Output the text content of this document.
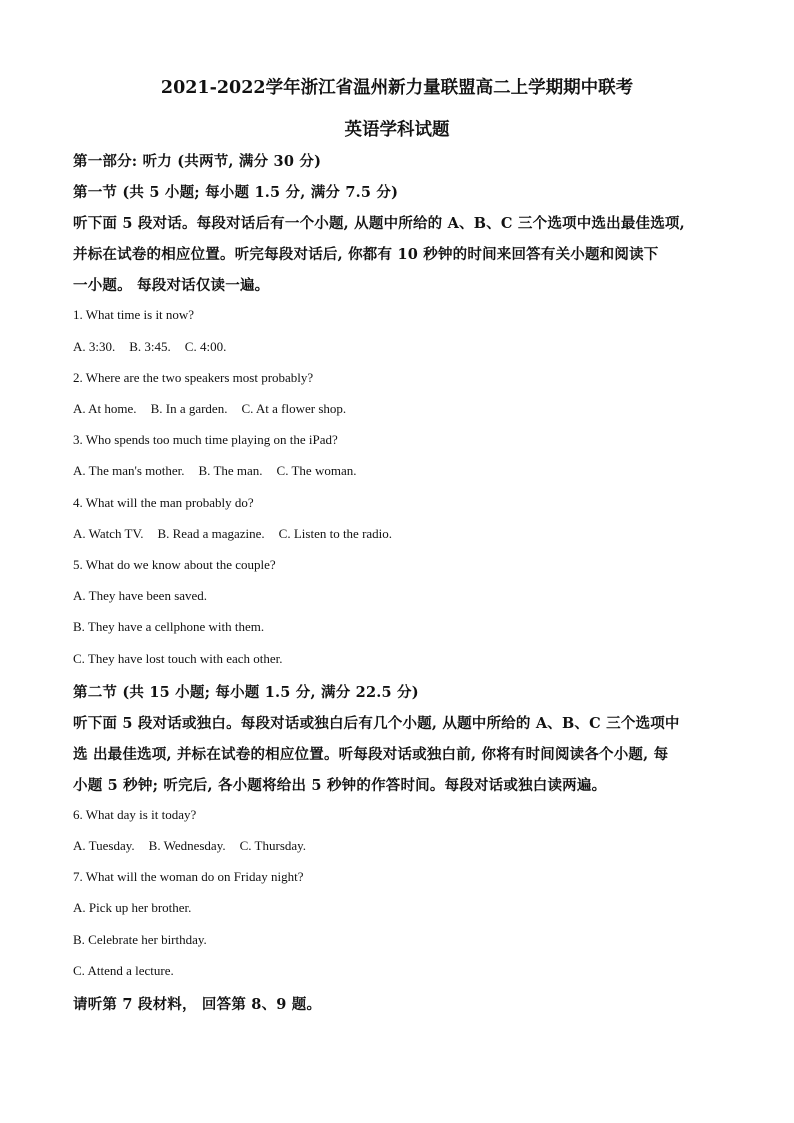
2021-2022学年浙江省温州新力量联盟高二上学期期中联考
英语学科试题
第一部分: 听力 (共两节, 满分 30 分)
第一节 (共 5 小题; 每小题 1.5 分, 满分 7.5 分)
听下面 5 段对话。每段对话后有一个小题, 从题中所给的 A、B、C 三个选项中选出最佳选项,
并标在试卷的相应位置。听完每段对话后, 你都有 10 秒钟的时间来回答有关小题和阅读下
一小题。 每段对话仅读一遍。
1. What time is it now?
A. 3:30. B. 3:45. C. 4:00.
2. Where are the two speakers most probably?
A. At home. B. In a garden. C. At a flower shop.
3. Who spends too much time playing on the iPad?
A. The man's mother. B. The man. C. The woman.
4. What will the man probably do?
A. Watch TV. B. Read a magazine. C. Listen to the radio.
5. What do we know about the couple?
A. They have been saved.
B. They have a cellphone with them.
C. They have lost touch with each other.
第二节 (共 15 小题; 每小题 1.5 分, 满分 22.5 分)
听下面 5 段对话或独白。每段对话或独白后有几个小题, 从题中所给的 A、B、C 三个选项中
选 出最佳选项, 并标在试卷的相应位置。听每段对话或独白前, 你将有时间阅读各个小题, 每
小题 5 秒钟; 听完后, 各小题将给出 5 秒钟的作答时间。每段对话或独白读两遍。
6. What day is it today?
A. Tuesday. B. Wednesday. C. Thursday.
7. What will the woman do on Friday night?
A. Pick up her brother.
B. Celebrate her birthday.
C. Attend a lecture.
请听第 7 段材料， 回答第 8、9 题。
